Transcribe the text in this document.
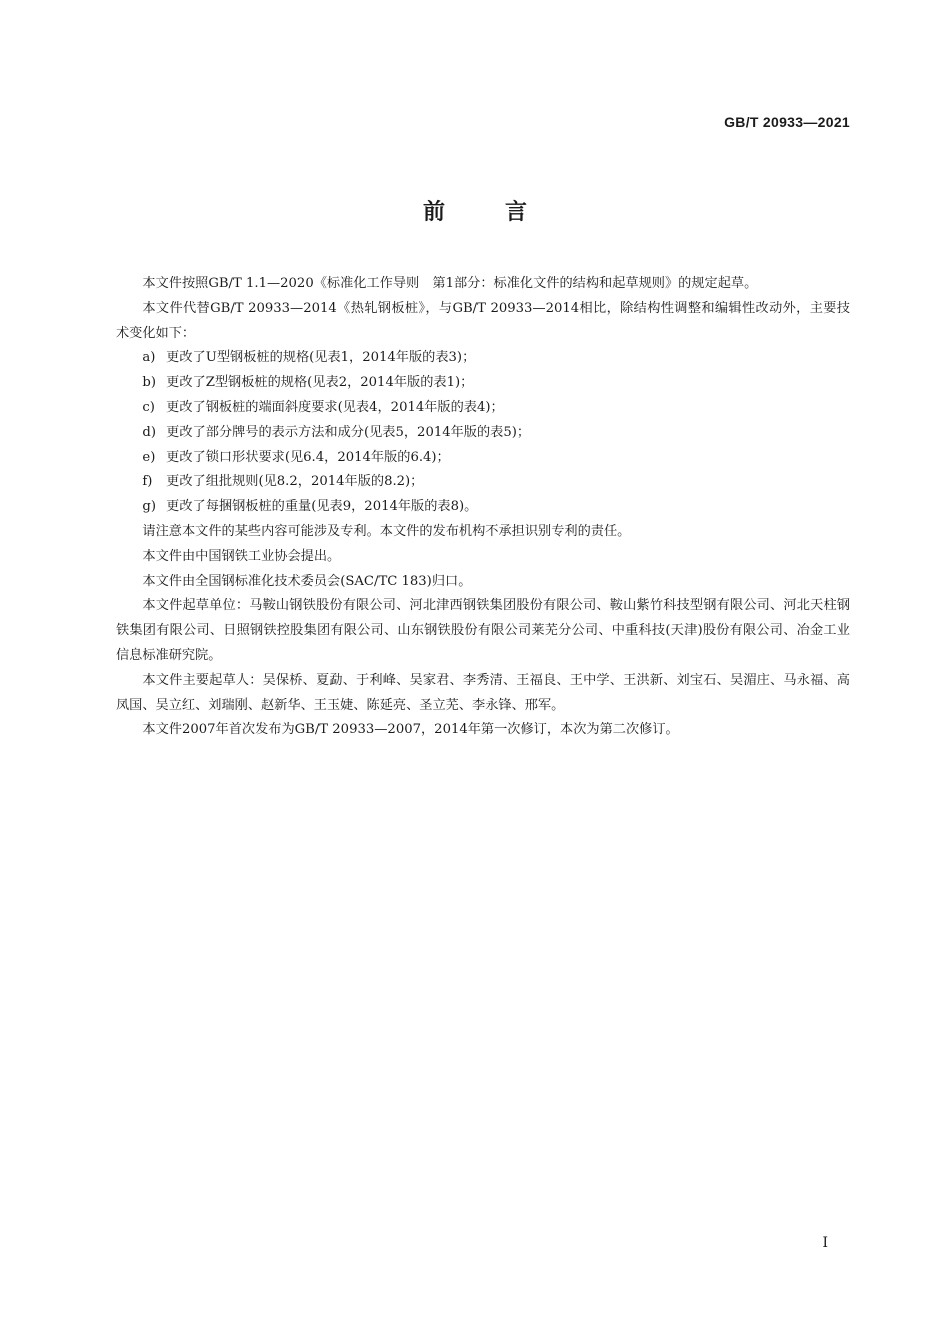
GB/T 20933—2021
前	言

本文件按照GB/T 1.1—2020《标准化工作导则　第1部分：标准化文件的结构和起草规则》的规定起草。

本文件代替GB/T 20933—2014《热轧钢板桩》，与GB/T 20933—2014相比，除结构性调整和编辑性改动外，主要技术变化如下：

a) 更改了U型钢板桩的规格(见表1，2014年版的表3)；
b) 更改了Z型钢板桩的规格(见表2，2014年版的表1)；
c) 更改了钢板桩的端面斜度要求(见表4，2014年版的表4)；
d) 更改了部分牌号的表示方法和成分(见表5，2014年版的表5)；
e) 更改了锁口形状要求(见6.4，2014年版的6.4)；
f) 更改了组批规则(见8.2，2014年版的8.2)；
g) 更改了每捆钢板桩的重量(见表9，2014年版的表8)。

请注意本文件的某些内容可能涉及专利。本文件的发布机构不承担识别专利的责任。

本文件由中国钢铁工业协会提出。

本文件由全国钢标准化技术委员会(SAC/TC 183)归口。

本文件起草单位：马鞍山钢铁股份有限公司、河北津西钢铁集团股份有限公司、鞍山紫竹科技型钢有限公司、河北天柱钢铁集团有限公司、日照钢铁控股集团有限公司、山东钢铁股份有限公司莱芜分公司、中重科技(天津)股份有限公司、冶金工业信息标准研究院。

本文件主要起草人：吴保桥、夏勐、于利峰、吴家君、李秀清、王福良、王中学、王洪新、刘宝石、吴湄庄、马永福、高凤国、吴立红、刘瑞刚、赵新华、王玉婕、陈延亮、圣立芜、李永锋、邢军。

本文件2007年首次发布为GB/T 20933—2007，2014年第一次修订，本次为第二次修订。

I
